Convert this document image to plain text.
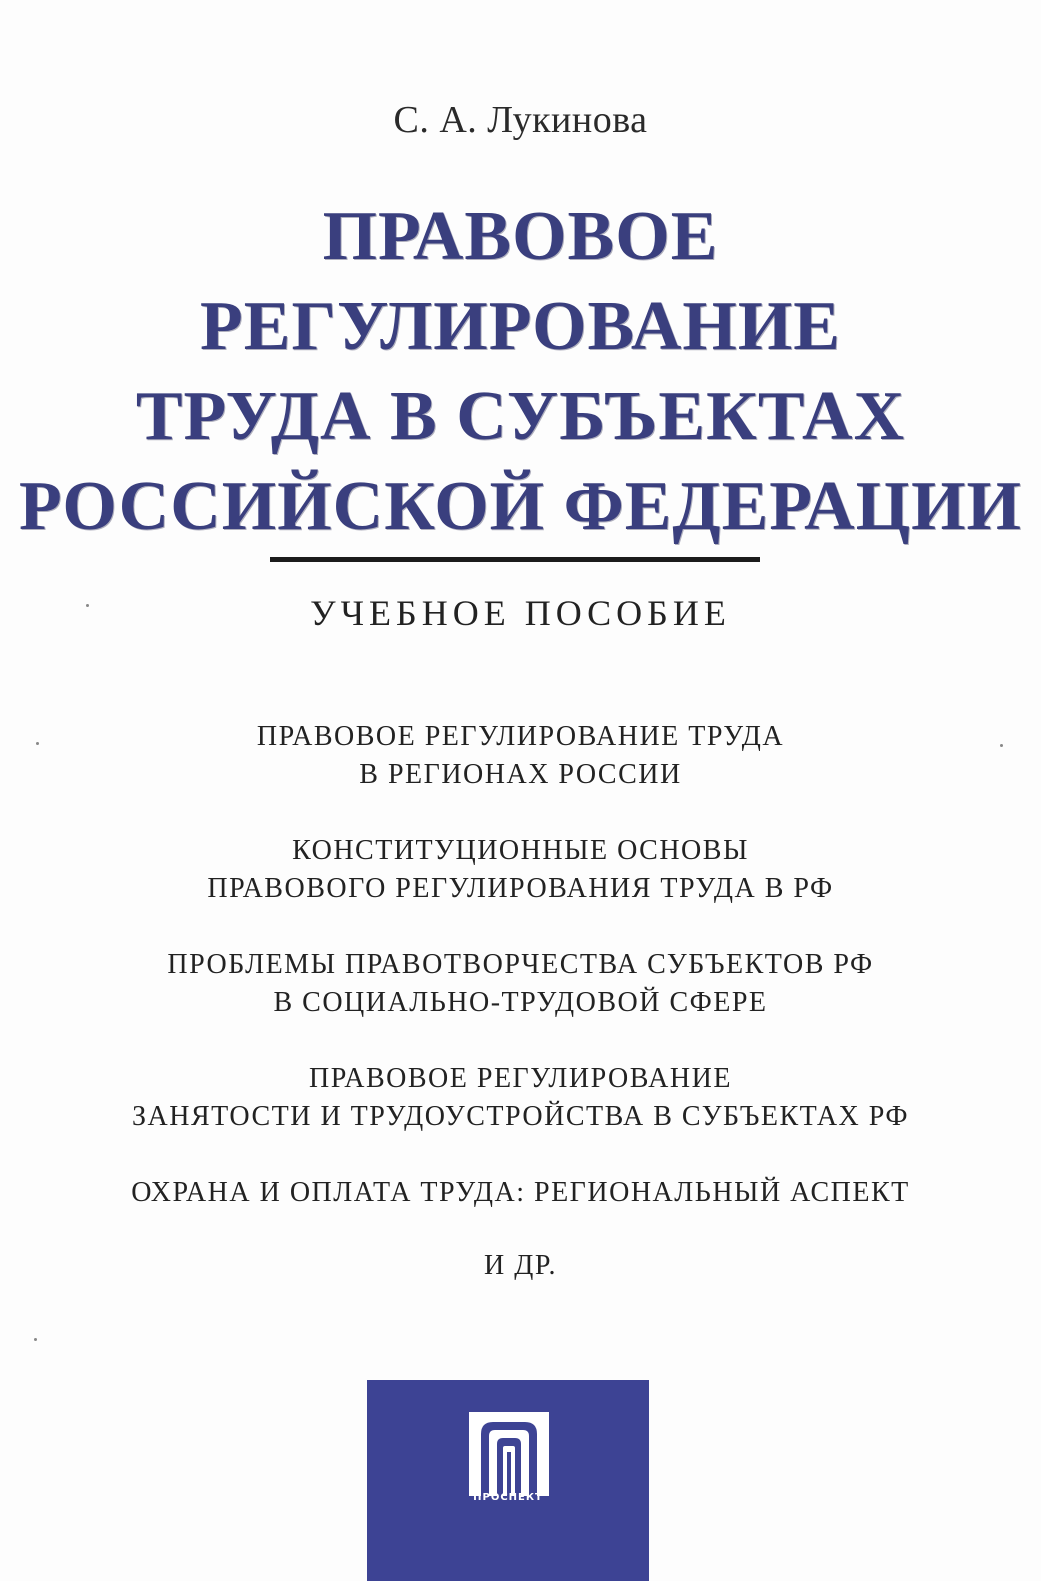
С. А. Лукинова
ПРАВОВОЕ
РЕГУЛИРОВАНИЕ
ТРУДА В СУБЪЕКТАХ
РОССИЙСКОЙ ФЕДЕРАЦИИ
УЧЕБНОЕ ПОСОБИЕ
ПРАВОВОЕ РЕГУЛИРОВАНИЕ ТРУДА
В РЕГИОНАХ РОССИИ
КОНСТИТУЦИОННЫЕ ОСНОВЫ
ПРАВОВОГО РЕГУЛИРОВАНИЯ ТРУДА В РФ
ПРОБЛЕМЫ ПРАВОТВОРЧЕСТВА СУБЪЕКТОВ РФ
В СОЦИАЛЬНО-ТРУДОВОЙ СФЕРЕ
ПРАВОВОЕ РЕГУЛИРОВАНИЕ
ЗАНЯТОСТИ И ТРУДОУСТРОЙСТВА В СУБЪЕКТАХ РФ
ОХРАНА И ОПЛАТА ТРУДА: РЕГИОНАЛЬНЫЙ АСПЕКТ
И ДР.
ПРОСПЕКТ
